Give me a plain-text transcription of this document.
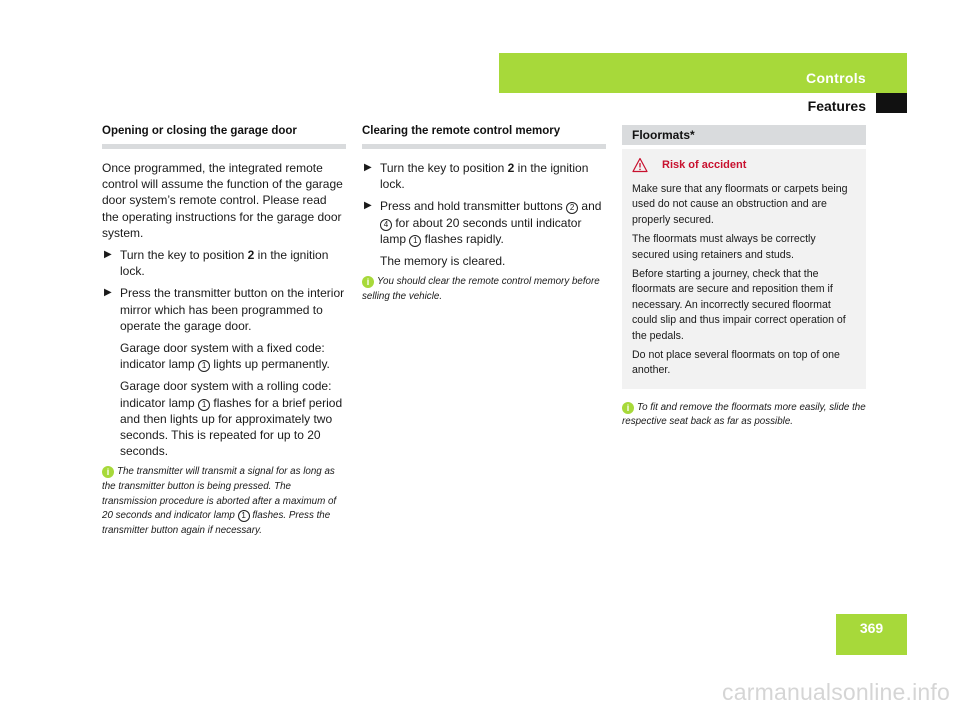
Controls
Features
Opening or closing the garage door

Once programmed, the integrated remote control will assume the function of the garage door system’s remote control. Please read the operating instructions for the garage door system.

▶ Turn the key to position 2 in the ignition lock.
▶ Press the transmitter button on the interior mirror which has been programmed to operate the garage door.
Garage door system with a fixed code: indicator lamp 1 lights up permanently.
Garage door system with a rolling code: indicator lamp 1 flashes for a brief period and then lights up for approximately two seconds. This is repeated for up to 20 seconds.
i The transmitter will transmit a signal for as long as the transmitter button is being pressed. The transmission procedure is aborted after a maximum of 20 seconds and indicator lamp 1 flashes. Press the transmitter button again if necessary.
Clearing the remote control memory
▶ Turn the key to position 2 in the ignition lock.
▶ Press and hold transmitter buttons 2 and 4 for about 20 seconds until indicator lamp 1 flashes rapidly.
The memory is cleared.
i You should clear the remote control memory before selling the vehicle.
Floormats*
Risk of accident

Make sure that any floormats or carpets being used do not cause an obstruction and are properly secured.

The floormats must always be correctly secured using retainers and studs.

Before starting a journey, check that the floormats are secure and reposition them if necessary. An incorrectly secured floormat could slip and thus impair correct operation of the pedals.

Do not place several floormats on top of one another.

i To fit and remove the floormats more easily, slide the respective seat back as far as possible.
369
carmanualsonline.info
